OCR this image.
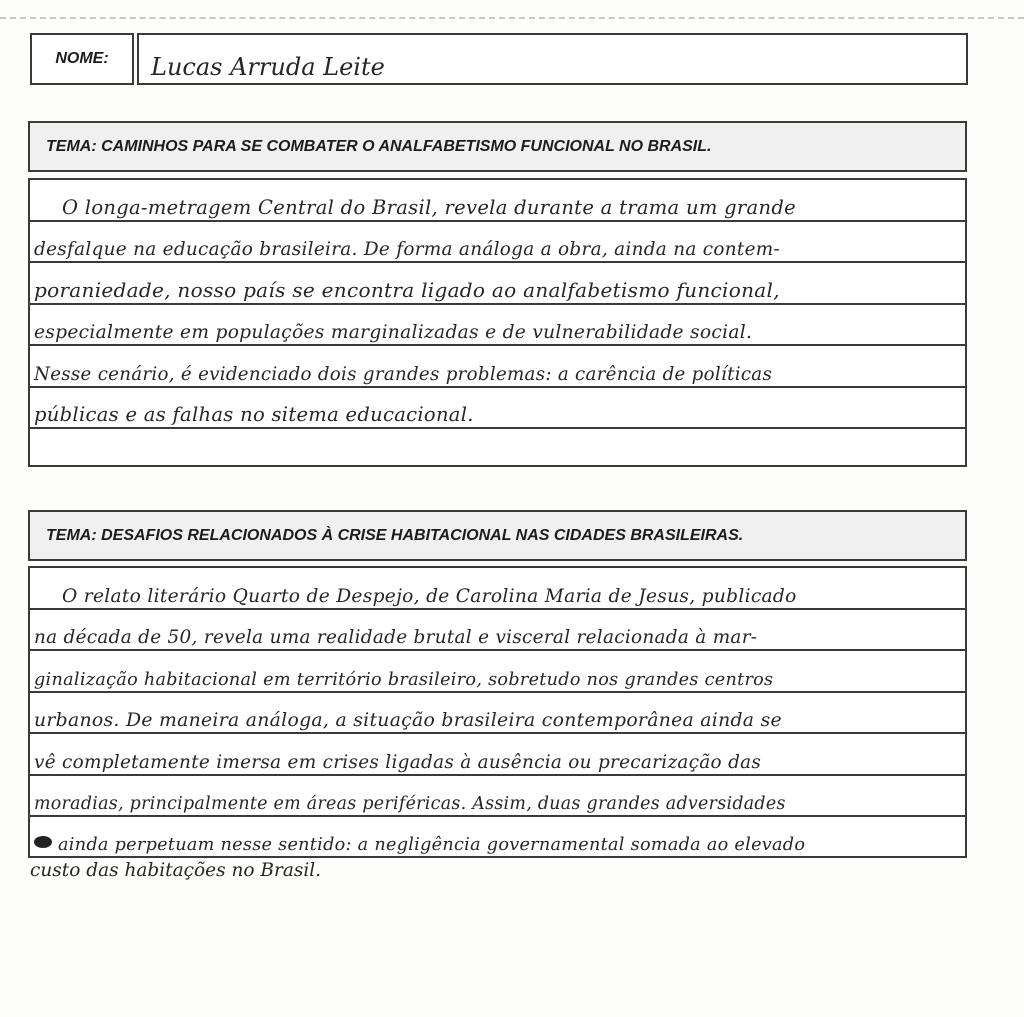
NOME: Lucas Arruda Leite
TEMA: CAMINHOS PARA SE COMBATER O ANALFABETISMO FUNCIONAL NO BRASIL.
O longa-metragem Central do Brasil, revela durante a trama um grande
desfalque na educação brasileira. De forma análoga a obra, ainda na contem-
poraniedade, nosso país se encontra ligado ao analfabetismo funcional,
especialmente em populações marginalizadas e de vulnerabilidade social.
Nesse cenário, é evidenciado dois grandes problemas: a carência de políticas
públicas e as falhas no sitema educacional.
TEMA: DESAFIOS RELACIONADOS À CRISE HABITACIONAL NAS CIDADES BRASILEIRAS.
O relato literário Quarto de Despejo, de Carolina Maria de Jesus, publicado
na década de 50, revela uma realidade brutal e visceral relacionada à mar-
ginalização habitacional em território brasileiro, sobretudo nos grandes centros
urbanos. De maneira análoga, a situação brasileira contemporânea ainda se
vê completamente imersa em crises ligadas à ausência ou precarização das
moradias, principalmente em áreas periféricas. Assim, duas grandes adversidades
ainda perpetuam nesse sentido: a negligência governamental somada ao elevado
custo das habitações no Brasil.
